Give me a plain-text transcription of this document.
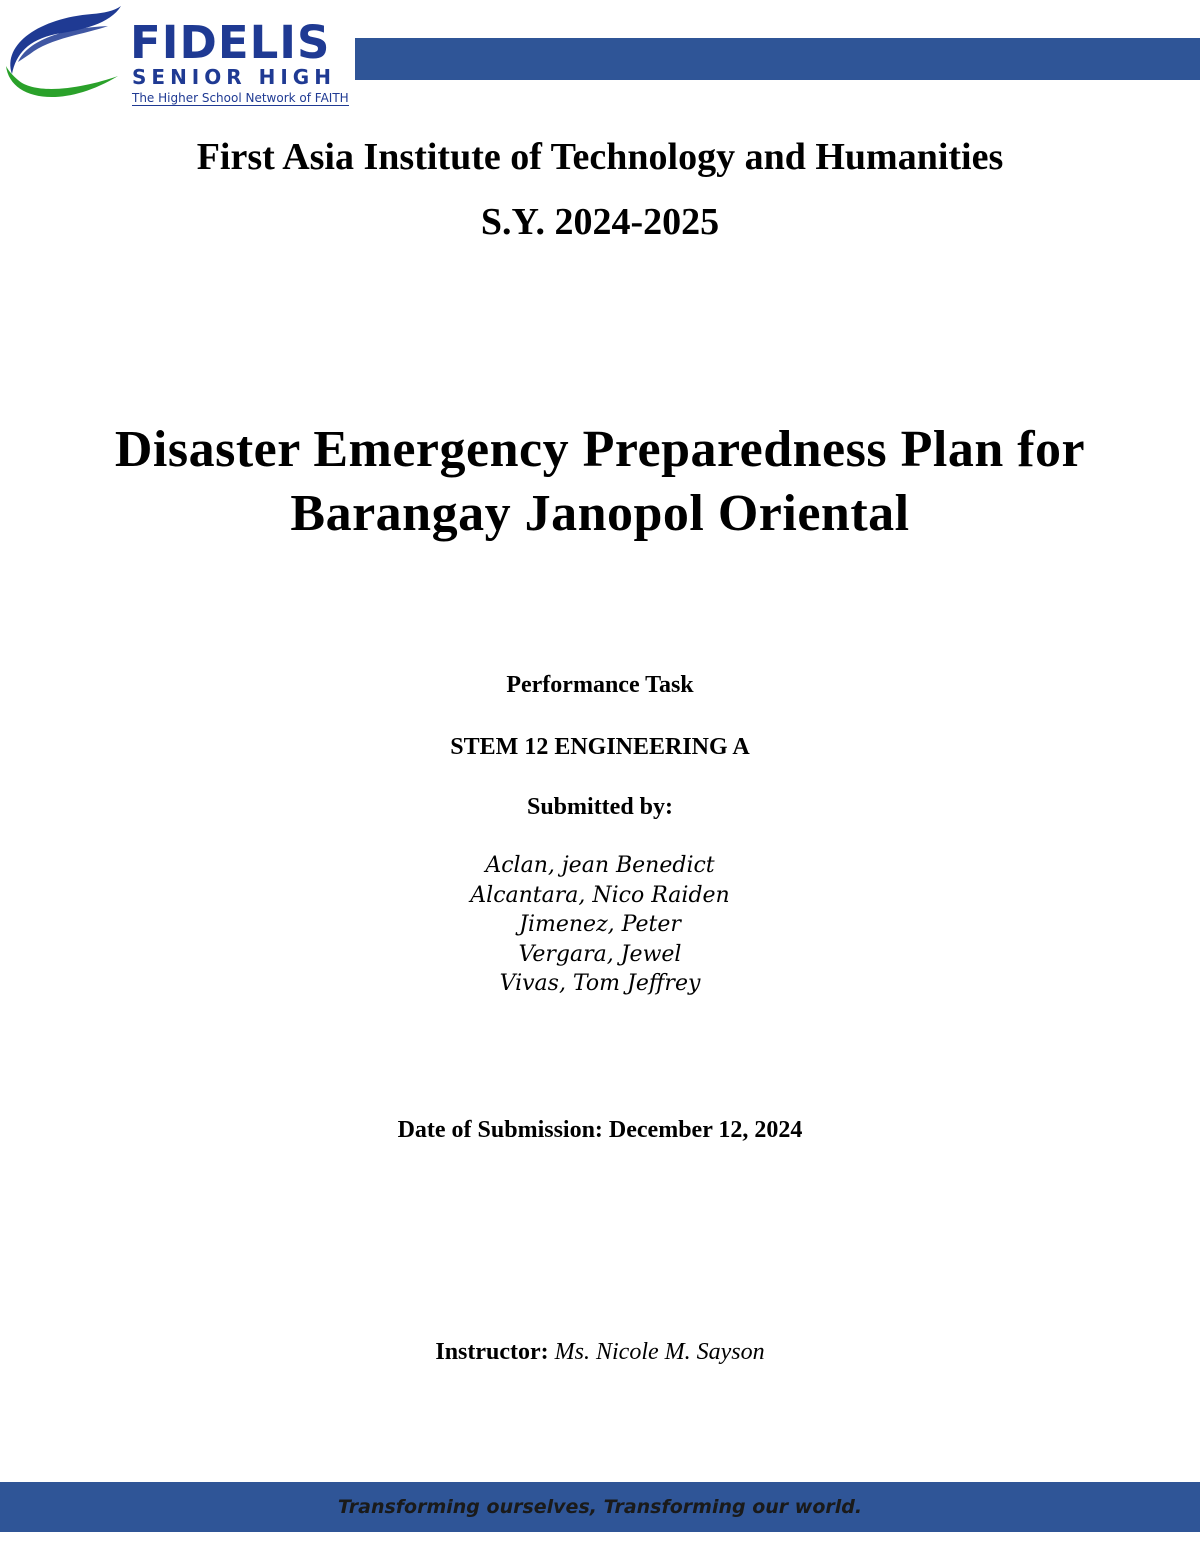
FIDELIS
SENIOR HIGH
The Higher School Network of FAITH

First Asia Institute of Technology and Humanities

S.Y. 2024-2025

Disaster Emergency Preparedness Plan for
Barangay Janopol Oriental

Performance Task

STEM 12 ENGINEERING A

Submitted by:

Aclan, jean Benedict
Alcantara, Nico Raiden
Jimenez, Peter
Vergara, Jewel
Vivas, Tom Jeffrey

Date of Submission: December 12, 2024

Instructor: Ms. Nicole M. Sayson

Transforming ourselves, Transforming our world.
